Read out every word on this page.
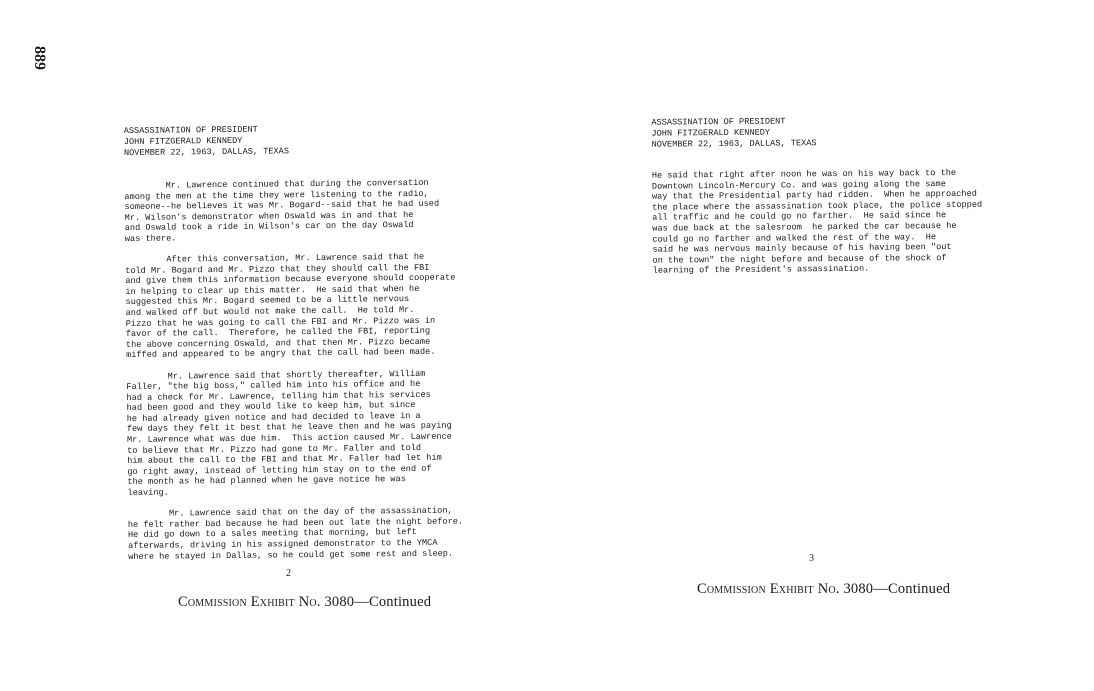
889
ASSASSINATION OF PRESIDENT
JOHN FITZGERALD KENNEDY
NOVEMBER 22, 1963, DALLAS, TEXAS

Mr. Lawrence continued that during the conversation
among the men at the time they were listening to the radio,
someone--he believes it was Mr. Bogard--said that he had used
Mr. Wilson's demonstrator when Oswald was in and that he
and Oswald took a ride in Wilson's car on the day Oswald
was there.

After this conversation, Mr. Lawrence said that he
told Mr. Bogard and Mr. Pizzo that they should call the FBI
and give them this information because everyone should cooperate
in helping to clear up this matter.  He said that when he
suggested this Mr. Bogard seemed to be a little nervous
and walked off but would not make the call.  He told Mr.
Pizzo that he was going to call the FBI and Mr. Pizzo was in
favor of the call.  Therefore, he called the FBI, reporting
the above concerning Oswald, and that then Mr. Pizzo became
miffed and appeared to be angry that the call had been made.

Mr. Lawrence said that shortly thereafter, William
Faller, "the big boss," called him into his office and he
had a check for Mr. Lawrence, telling him that his services
had been good and they would like to keep him, but since
he had already given notice and had decided to leave in a
few days they felt it best that he leave then and he was paying
Mr. Lawrence what was due him.  This action caused Mr. Lawrence
to believe that Mr. Pizzo had gone to Mr. Faller and told
him about the call to the FBI and that Mr. Faller had let him
go right away, instead of letting him stay on to the end of
the month as he had planned when he gave notice he was
leaving.

Mr. Lawrence said that on the day of the assassination,
he felt rather bad because he had been out late the night before.
He did go down to a sales meeting that morning, but left
afterwards, driving in his assigned demonstrator to the YMCA
where he stayed in Dallas, so he could get some rest and sleep.

2
Commission Exhibit No. 3080—Continued
ASSASSINATION OF PRESIDENT
JOHN FITZGERALD KENNEDY
NOVEMBER 22, 1963, DALLAS, TEXAS

He said that right after noon he was on his way back to the
Downtown Lincoln-Mercury Co. and was going along the same
way that the Presidential party had ridden.  When he approached
the place where the assassination took place, the police stopped
all traffic and he could go no farther.  He said since he
was due back at the salesroom  he parked the car because he
could go no farther and walked the rest of the way.  He
said he was nervous mainly because of his having been "out
on the town" the night before and because of the shock of
learning of the President's assassination.

3
Commission Exhibit No. 3080—Continued
